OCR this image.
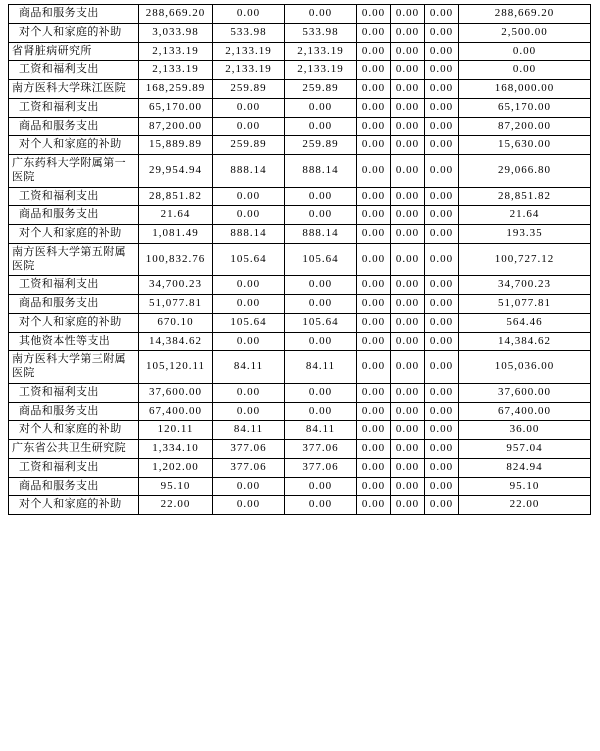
商品和服务支出	288,669.20	0.00	0.00	0.00	0.00	0.00	288,669.20
对个人和家庭的补助	3,033.98	533.98	533.98	0.00	0.00	0.00	2,500.00
省肾脏病研究所	2,133.19	2,133.19	2,133.19	0.00	0.00	0.00	0.00
工资和福利支出	2,133.19	2,133.19	2,133.19	0.00	0.00	0.00	0.00
南方医科大学珠江医院	168,259.89	259.89	259.89	0.00	0.00	0.00	168,000.00
工资和福利支出	65,170.00	0.00	0.00	0.00	0.00	0.00	65,170.00
商品和服务支出	87,200.00	0.00	0.00	0.00	0.00	0.00	87,200.00
对个人和家庭的补助	15,889.89	259.89	259.89	0.00	0.00	0.00	15,630.00
广东药科大学附属第一医院	29,954.94	888.14	888.14	0.00	0.00	0.00	29,066.80
工资和福利支出	28,851.82	0.00	0.00	0.00	0.00	0.00	28,851.82
商品和服务支出	21.64	0.00	0.00	0.00	0.00	0.00	21.64
对个人和家庭的补助	1,081.49	888.14	888.14	0.00	0.00	0.00	193.35
南方医科大学第五附属医院	100,832.76	105.64	105.64	0.00	0.00	0.00	100,727.12
工资和福利支出	34,700.23	0.00	0.00	0.00	0.00	0.00	34,700.23
商品和服务支出	51,077.81	0.00	0.00	0.00	0.00	0.00	51,077.81
对个人和家庭的补助	670.10	105.64	105.64	0.00	0.00	0.00	564.46
其他资本性等支出	14,384.62	0.00	0.00	0.00	0.00	0.00	14,384.62
南方医科大学第三附属医院	105,120.11	84.11	84.11	0.00	0.00	0.00	105,036.00
工资和福利支出	37,600.00	0.00	0.00	0.00	0.00	0.00	37,600.00
商品和服务支出	67,400.00	0.00	0.00	0.00	0.00	0.00	67,400.00
对个人和家庭的补助	120.11	84.11	84.11	0.00	0.00	0.00	36.00
广东省公共卫生研究院	1,334.10	377.06	377.06	0.00	0.00	0.00	957.04
工资和福利支出	1,202.00	377.06	377.06	0.00	0.00	0.00	824.94
商品和服务支出	95.10	0.00	0.00	0.00	0.00	0.00	95.10
对个人和家庭的补助	22.00	0.00	0.00	0.00	0.00	0.00	22.00
